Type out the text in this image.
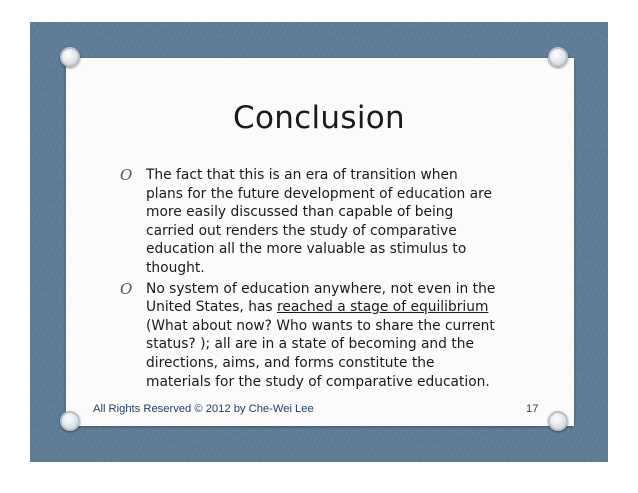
Conclusion
O The fact that this is an era of transition when plans for the future development of education are more easily discussed than capable of being carried out renders the study of comparative education all the more valuable as stimulus to thought.
O No system of education anywhere, not even in the United States, has reached a stage of equilibrium (What about now? Who wants to share the current status? ); all are in a state of becoming and the directions, aims, and forms constitute the materials for the study of comparative education.
All Rights Reserved © 2012 by Che-Wei Lee	17
